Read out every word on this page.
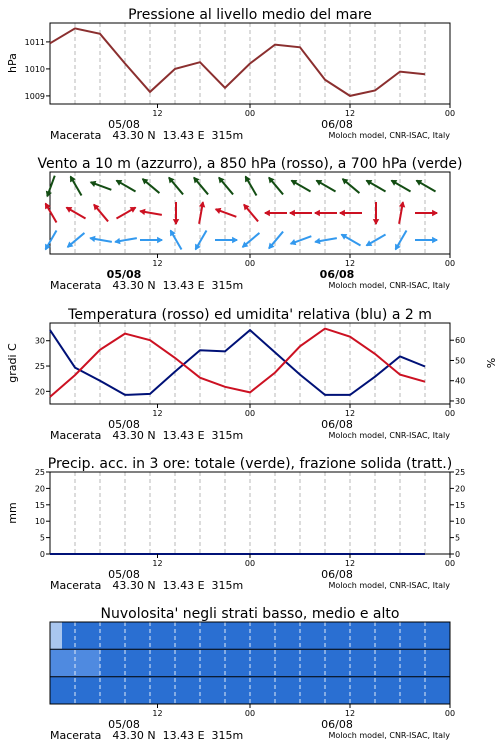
Pressione al livello medio del mare
hPa
1011
1010
1009
12	00	12	00
05/08	06/08
Macerata 43.30 N  13.43 E  315m	Moloch model, CNR-ISAC, Italy
Vento a 10 m (azzurro), a 850 hPa (rosso), a 700 hPa (verde)
12	00	12	00
05/08	06/08
Macerata 43.30 N  13.43 E  315m	Moloch model, CNR-ISAC, Italy
Temperatura (rosso) ed umidita' relativa (blu) a 2 m
gradi C	%
30
25
20
60
50
40
30
12	00	12	00
05/08	06/08
Macerata 43.30 N  13.43 E  315m	Moloch model, CNR-ISAC, Italy
Precip. acc. in 3 ore: totale (verde), frazione solida (tratt.)
mm
25
20
15
10
5
0
25
20
15
10
5
0
12	00	12	00
05/08	06/08
Macerata 43.30 N  13.43 E  315m	Moloch model, CNR-ISAC, Italy
Nuvolosita' negli strati basso, medio e alto
12	00	12	00
05/08	06/08
Macerata 43.30 N  13.43 E  315m	Moloch model, CNR-ISAC, Italy
